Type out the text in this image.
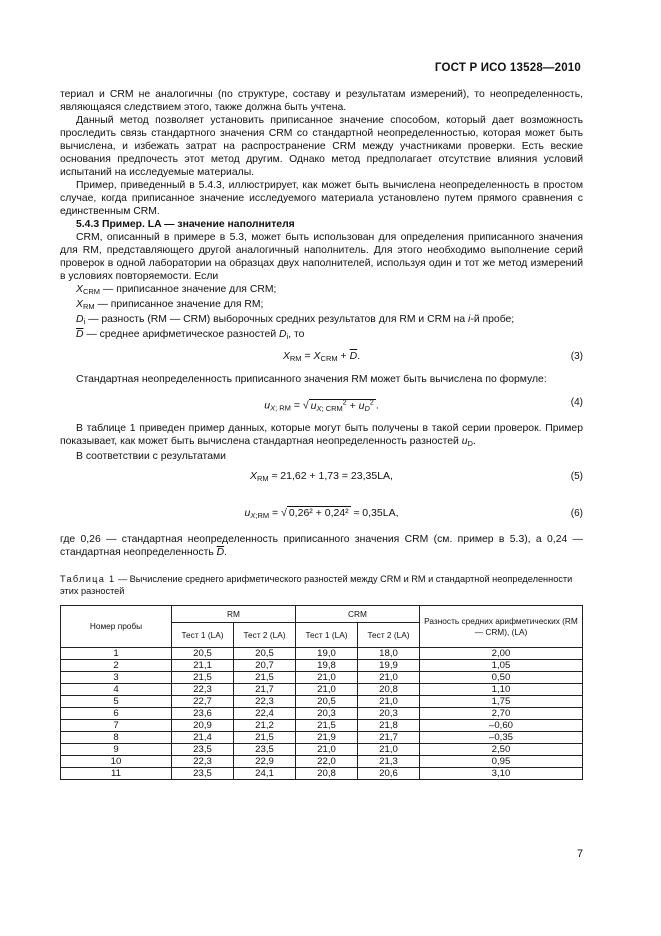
ГОСТ Р ИСО 13528—2010

териал и CRM не аналогичны (по структуре, составу и результатам измерений), то неопределенность, являющаяся следствием этого, также должна быть учтена.

Данный метод позволяет установить приписанное значение способом, который дает возможность проследить связь стандартного значения CRM со стандартной неопределенностью, которая может быть вычислена, и избежать затрат на распространение CRM между участниками проверки. Есть веские основания предпочесть этот метод другим. Однако метод предполагает отсутствие влияния условий испытаний на исследуемые материалы.

Пример, приведенный в 5.4.3, иллюстрирует, как может быть вычислена неопределенность в простом случае, когда приписанное значение исследуемого материала установлено путем прямого сравнения с единственным CRM.

5.4.3 Пример. LA — значение наполнителя

CRM, описанный в примере в 5.3, может быть использован для определения приписанного значения для RM, представляющего другой аналогичный наполнитель. Для этого необходимо выполнение серий проверок в одной лаборатории на образцах двух наполнителей, используя один и тот же метод измерений в условиях повторяемости. Если

$X_{CRM}$ — приписанное значение для CRM;
$X_{RM}$ — приписанное значение для RM;
$D_i$ — разность (RM — CRM) выборочных средних результатов для RM и CRM на i-й пробе;
$\overline{D}$ — среднее арифметическое разностей $D_i$, то
$X_{RM} = X_{CRM} + \overline{D}$.	(3)

Стандартная неопределенность приписанного значения RM может быть вычислена по формуле:

$u_{X; RM}$ = √ $u_{X; CRM}^2 + u_D^2$ .	(4)

В таблице 1 приведен пример данных, которые могут быть получены в такой серии проверок. Пример показывает, как может быть вычислена стандартная неопределенность разностей $u_D$.

В соответствии с результатами

$X_{RM} \approx 21,62 + 1,73 = 23,35LA$,	(5)
$u_{X;RM}$ = √ 0,26² + 0,24² ≈ 0,35LA,	(6)

где 0,26 — стандартная неопределенность приписанного значения CRM (см. пример в 5.3), а 0,24 — стандартная неопределенность $\overline{D}$.

Таблица 1 — Вычисление среднего арифметического разностей между CRM и RM и стандартной неопределенности этих разностей
Номер пробы	RM		CRM		Разность средних арифметических (RM — CRM), (LA)
	Тест 1 (LA)	Тест 2 (LA)	Тест 1 (LA)	Тест 2 (LA)	
1	20,5	20,5	19,0	18,0	2,00
2	21,1	20,7	19,8	19,9	1,05
3	21,5	21,5	21,0	21,0	0,50
4	22,3	21,7	21,0	20,8	1,10
5	22,7	22,3	20,5	21,0	1,75
6	23,6	22,4	20,3	20,3	2,70
7	20,9	21,2	21,5	21,8	–0,60
8	21,4	21,5	21,9	21,7	–0,35
9	23,5	23,5	21,0	21,0	2,50
10	22,3	22,9	22,0	21,3	0,95
11	23,5	24,1	20,8	20,6	3,10
7
